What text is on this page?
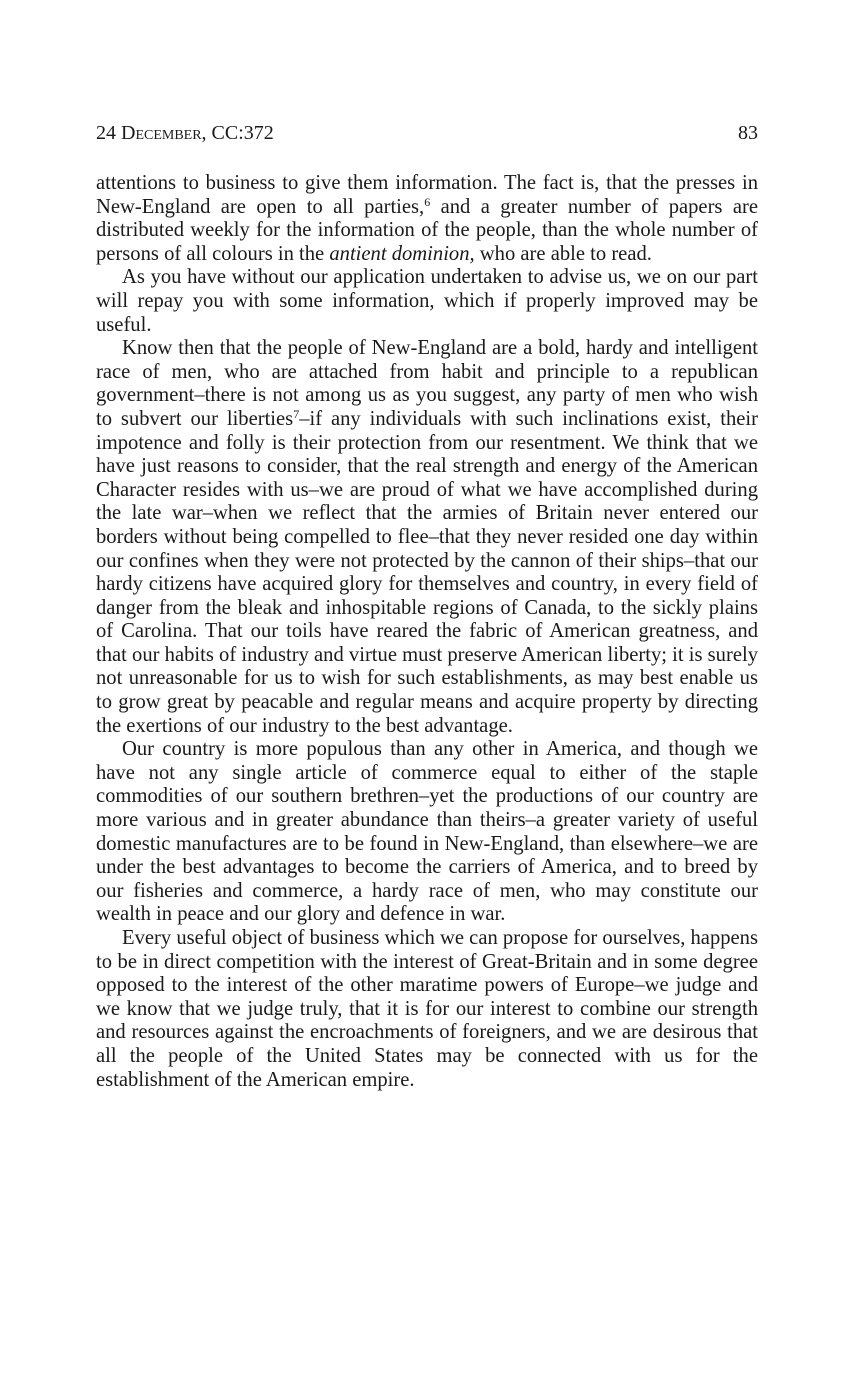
24 December, CC:372	83

attentions to business to give them information. The fact is, that the presses in New-England are open to all parties,$^6$ and a greater number of papers are distributed weekly for the information of the people, than the whole number of persons of all colours in the antient dominion, who are able to read.

As you have without our application undertaken to advise us, we on our part will repay you with some information, which if properly improved may be useful.

Know then that the people of New-England are a bold, hardy and intelligent race of men, who are attached from habit and principle to a republican government–there is not among us as you suggest, any party of men who wish to subvert our liberties$^7$–if any individuals with such inclinations exist, their impotence and folly is their protection from our resentment. We think that we have just reasons to consider, that the real strength and energy of the American Character resides with us–we are proud of what we have accomplished during the late war–when we reflect that the armies of Britain never entered our borders without being compelled to flee–that they never resided one day within our confines when they were not protected by the cannon of their ships–that our hardy citizens have acquired glory for themselves and country, in every field of danger from the bleak and inhospitable regions of Canada, to the sickly plains of Carolina. That our toils have reared the fabric of American greatness, and that our habits of industry and virtue must preserve American liberty; it is surely not unreasonable for us to wish for such establishments, as may best enable us to grow great by peacable and regular means and acquire property by directing the exertions of our industry to the best advantage.

Our country is more populous than any other in America, and though we have not any single article of commerce equal to either of the staple commodities of our southern brethren–yet the productions of our country are more various and in greater abundance than theirs–a greater variety of useful domestic manufactures are to be found in New-England, than elsewhere–we are under the best advantages to become the carriers of America, and to breed by our fisheries and commerce, a hardy race of men, who may constitute our wealth in peace and our glory and defence in war.

Every useful object of business which we can propose for ourselves, happens to be in direct competition with the interest of Great-Britain and in some degree opposed to the interest of the other maratime powers of Europe–we judge and we know that we judge truly, that it is for our interest to combine our strength and resources against the encroachments of foreigners, and we are desirous that all the people of the United States may be connected with us for the establishment of the American empire.
